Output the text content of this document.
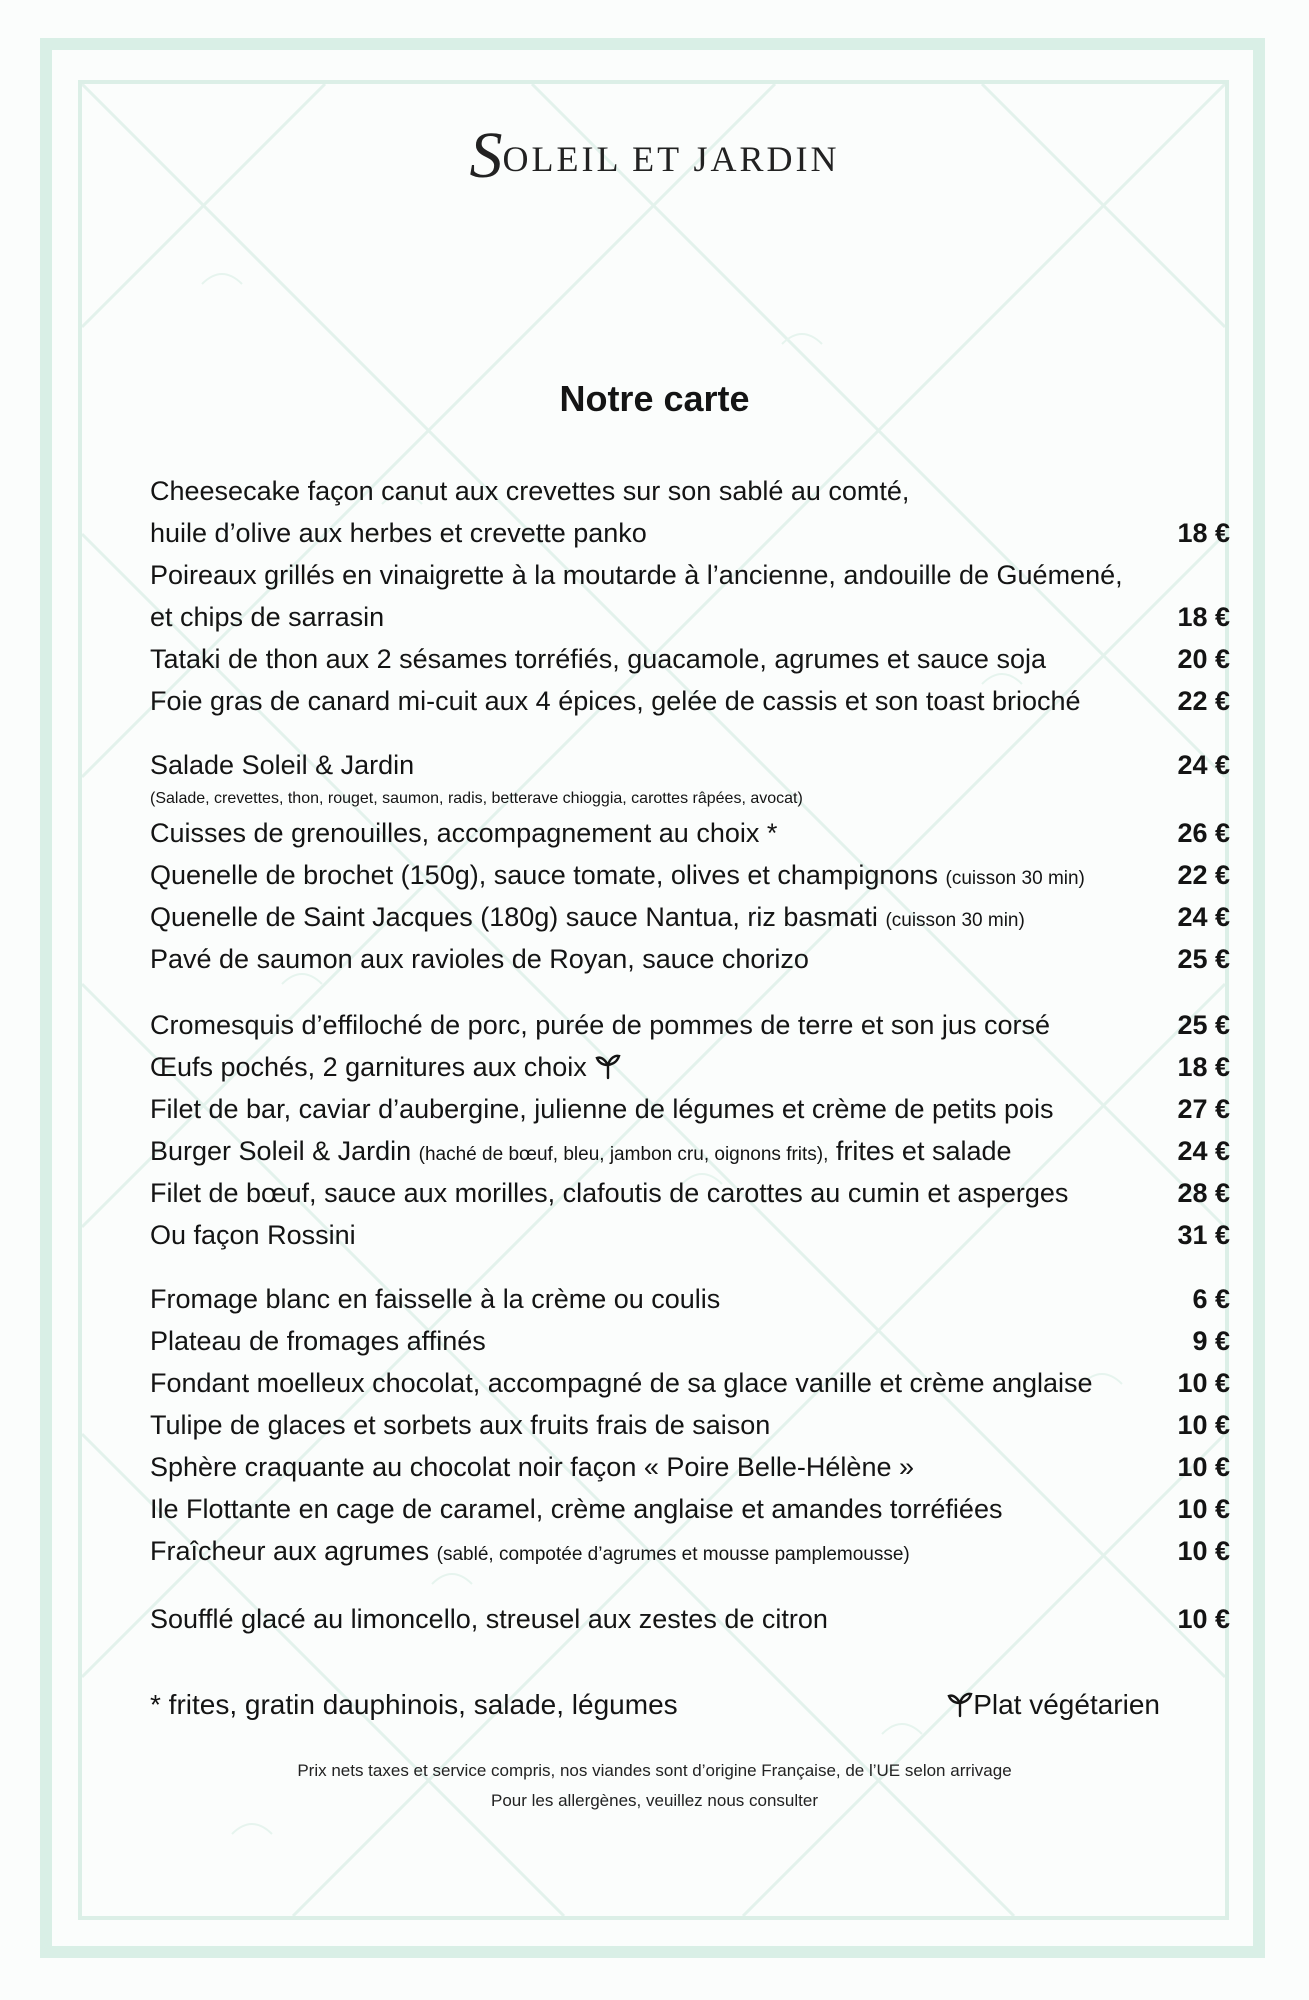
SOLEIL ET JARDIN
Notre carte
Cheesecake façon canut aux crevettes sur son sablé au comté,
huile d’olive aux herbes et crevette panko	18 €
Poireaux grillés en vinaigrette à la moutarde à l’ancienne, andouille de Guémené,
et chips de sarrasin	18 €
Tataki de thon aux 2 sésames torréfiés, guacamole, agrumes et sauce soja	20 €
Foie gras de canard mi-cuit aux 4 épices, gelée de cassis et son toast brioché	22 €
Salade Soleil & Jardin	24 €
(Salade, crevettes, thon, rouget, saumon, radis, betterave chioggia, carottes râpées, avocat)
Cuisses de grenouilles, accompagnement au choix *	26 €
Quenelle de brochet (150g), sauce tomate, olives et champignons (cuisson 30 min)	22 €
Quenelle de Saint Jacques (180g) sauce Nantua, riz basmati (cuisson 30 min)	24 €
Pavé de saumon aux ravioles de Royan, sauce chorizo	25 €
Cromesquis d’effiloché de porc, purée de pommes de terre et son jus corsé	25 €
Œufs pochés, 2 garnitures aux choix	18 €
Filet de bar, caviar d’aubergine, julienne de légumes et crème de petits pois	27 €
Burger Soleil & Jardin (haché de bœuf, bleu, jambon cru, oignons frits), frites et salade	24 €
Filet de bœuf, sauce aux morilles, clafoutis de carottes au cumin et asperges	28 €
Ou façon Rossini	31 €
Fromage blanc en faisselle à la crème ou coulis	6 €
Plateau de fromages affinés	9 €
Fondant moelleux chocolat, accompagné de sa glace vanille et crème anglaise	10 €
Tulipe de glaces et sorbets aux fruits frais de saison	10 €
Sphère craquante au chocolat noir façon « Poire Belle-Hélène »	10 €
Ile Flottante en cage de caramel, crème anglaise et amandes torréfiées	10 €
Fraîcheur aux agrumes (sablé, compotée d’agrumes et mousse pamplemousse)	10 €
Soufflé glacé au limoncello, streusel aux zestes de citron	10 €
* frites, gratin dauphinois, salade, légumes	Plat végétarien
Prix nets taxes et service compris, nos viandes sont d’origine Française, de l’UE selon arrivage
Pour les allergènes, veuillez nous consulter
